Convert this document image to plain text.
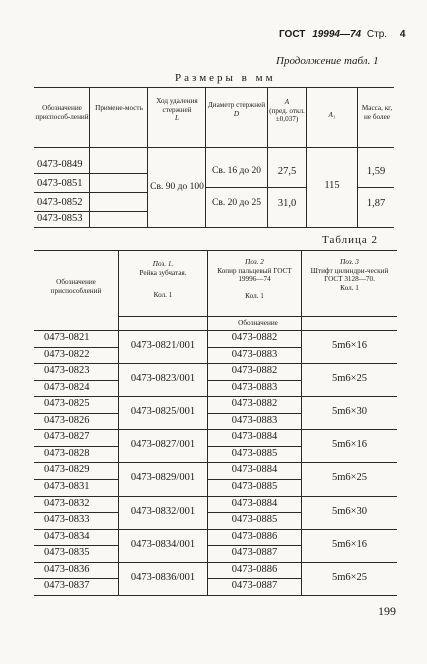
ГОСТ 19994—74 Стр. 4
Продолжение табл. 1
Размеры в мм
Обозначение приспособ-лений
Примене-мость
Ход удаления стержней
L
Диаметр стержней
D
A
(пред. откл. ±0,037)
A₁
Масса, кг, не более
0473-0849
0473-0851
0473-0852
0473-0853
Св. 90 до 100
Св. 16 до 20
Св. 20 до 25
27,5
31,0
115
1,59
1,87
Таблица 2
Обозначение приспособлений
Поз. 1.
Рейка зубчатая.
Кол. 1
Поз. 2
Копир пальцевый ГОСТ 19996—74
Кол. 1
Поз. 3
Штифт цилиндри-ческий ГОСТ 3128—70.
Кол. 1
Обозначение
0473-0821
0473-0822
0473-0823
0473-0824
0473-0825
0473-0826
0473-0827
0473-0828
0473-0829
0473-0831
0473-0832
0473-0833
0473-0834
0473-0835
0473-0836
0473-0837
0473-0821/001
0473-0882
0473-0883
5m6×16
0473-0823/001
0473-0882
0473-0883
5m6×25
0473-0825/001
0473-0882
0473-0883
5m6×30
0473-0827/001
0473-0884
0473-0885
5m6×16
0473-0829/001
0473-0884
0473-0885
5m6×25
0473-0832/001
0473-0884
0473-0885
5m6×30
0473-0834/001
0473-0886
0473-0887
5m6×16
0473-0836/001
0473-0886
0473-0887
5m6×25
199
